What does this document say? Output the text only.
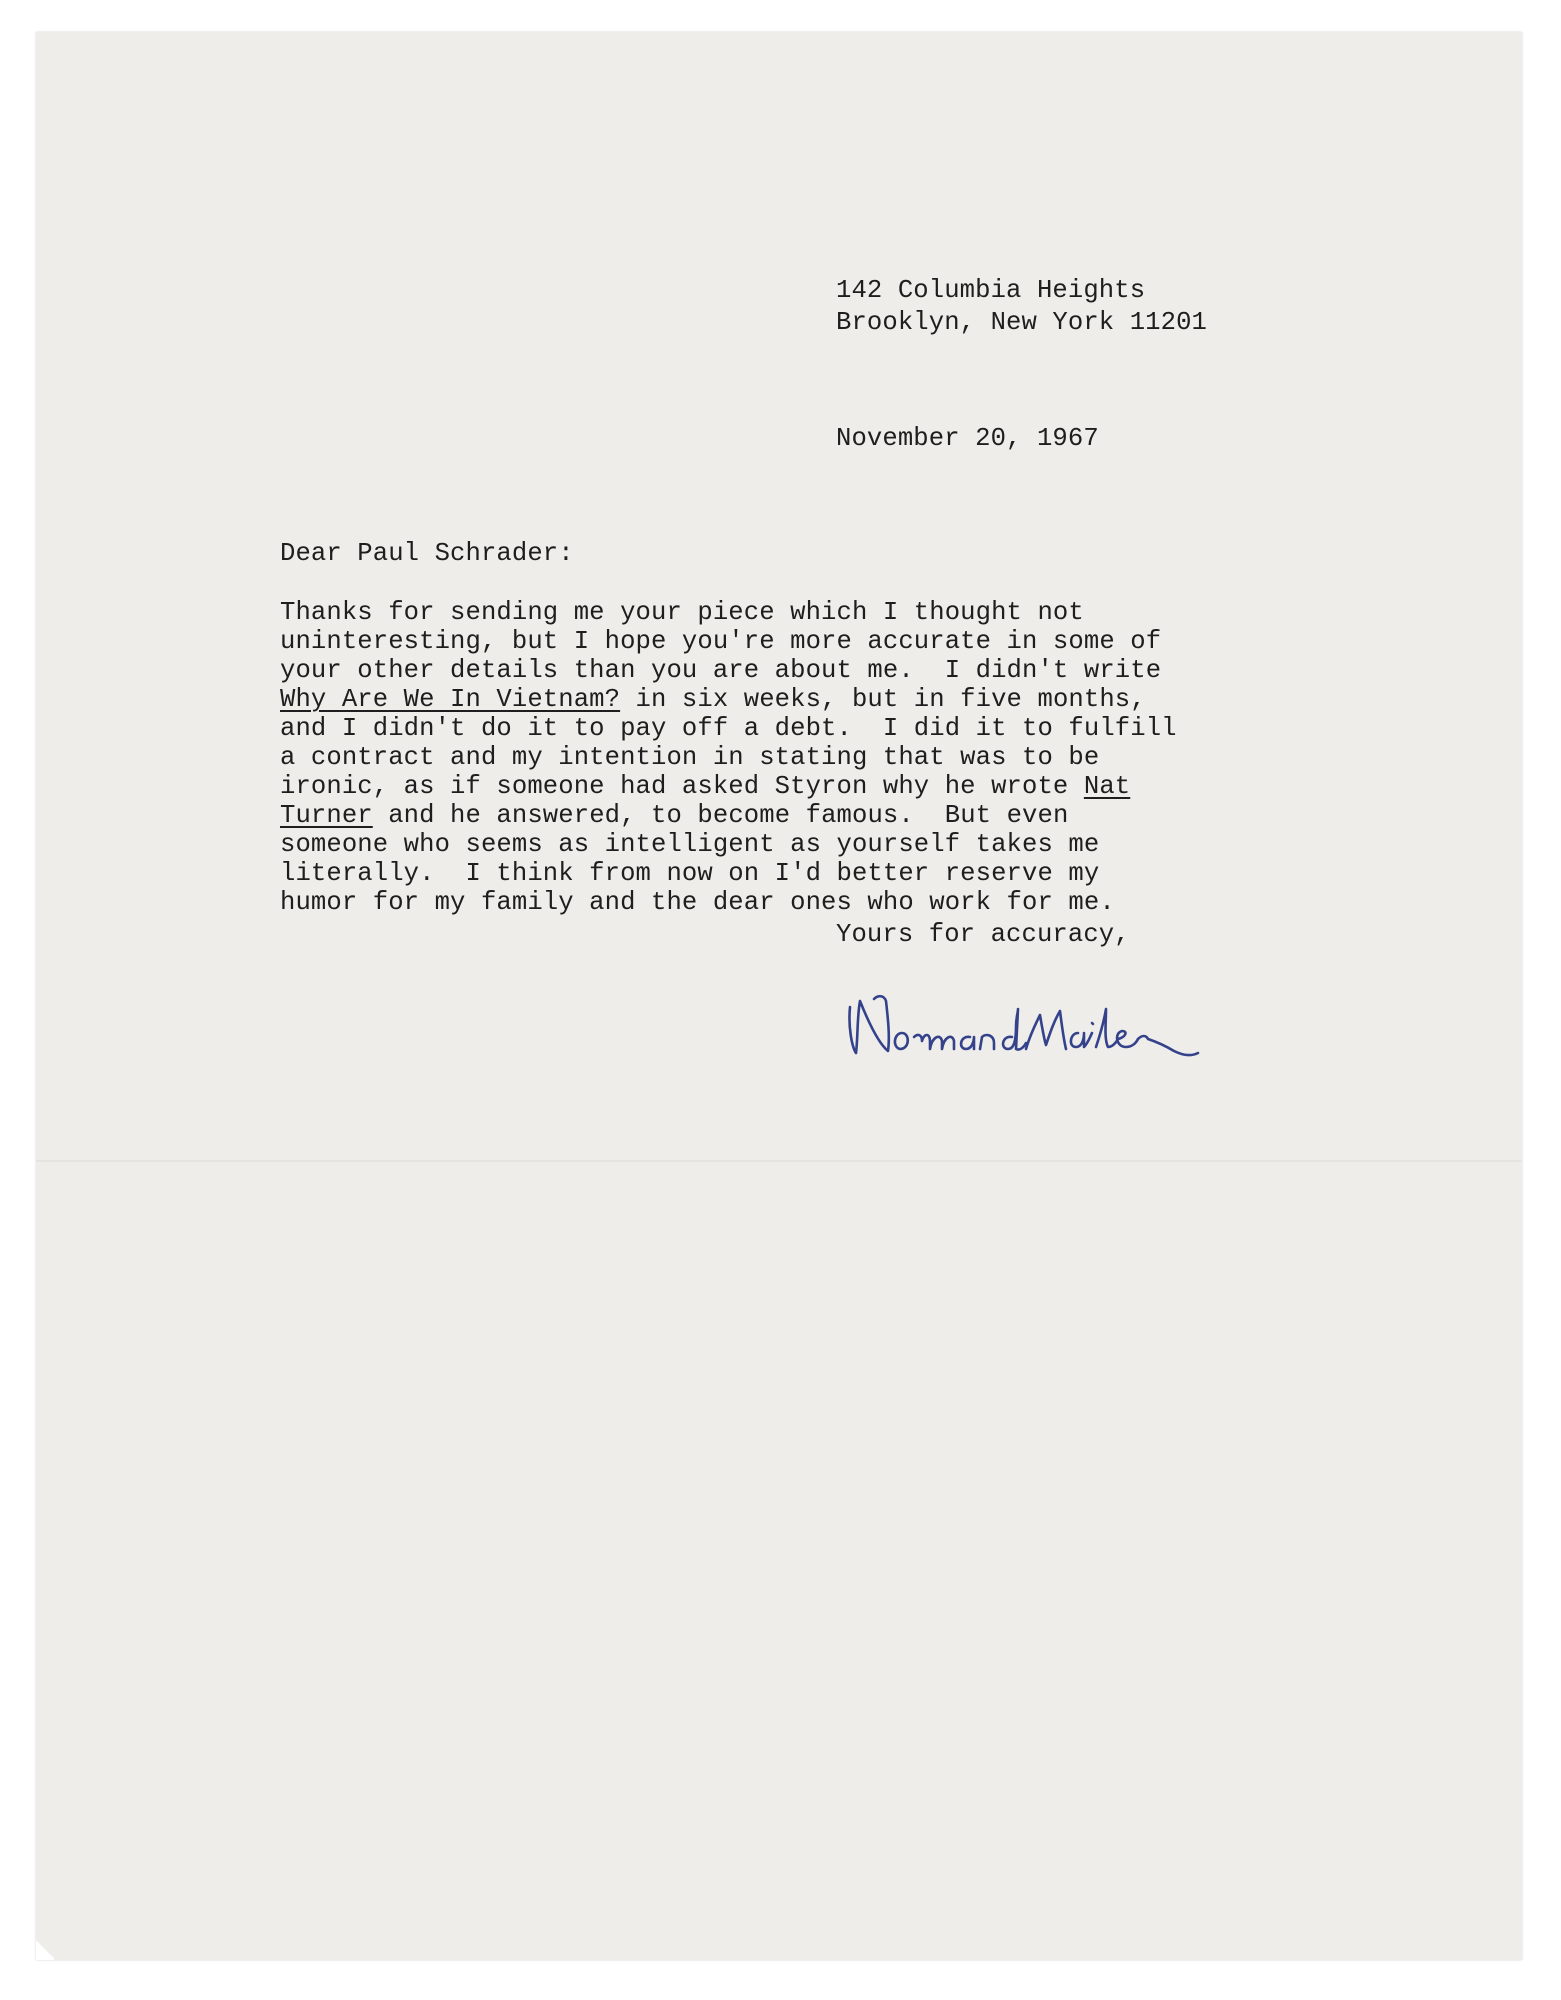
142 Columbia Heights
Brooklyn, New York 11201
November 20, 1967
Dear Paul Schrader:
Thanks for sending me your piece which I thought not
uninteresting, but I hope you're more accurate in some of
your other details than you are about me.  I didn't write
Why Are We In Vietnam? in six weeks, but in five months,
and I didn't do it to pay off a debt.  I did it to fulfill
a contract and my intention in stating that was to be
ironic, as if someone had asked Styron why he wrote Nat
Turner and he answered, to become famous.  But even
someone who seems as intelligent as yourself takes me
literally.  I think from now on I'd better reserve my
humor for my family and the dear ones who work for me.
Yours for accuracy,
